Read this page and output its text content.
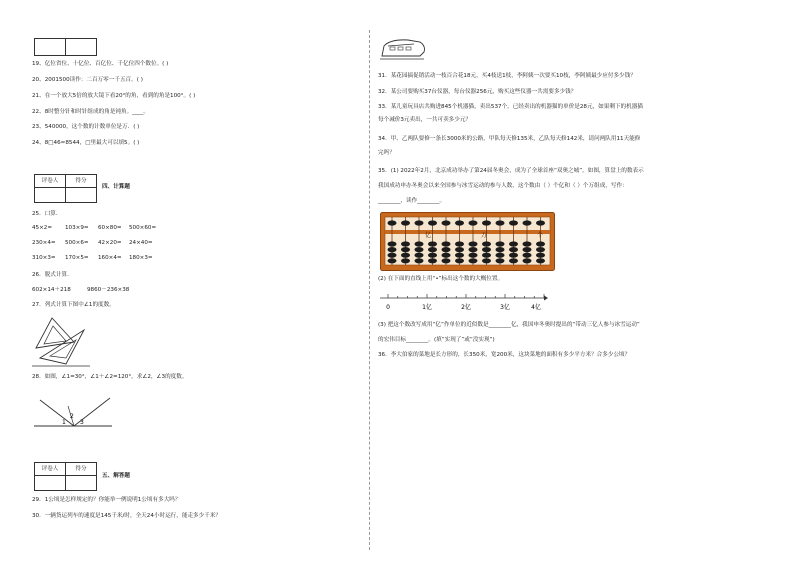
19、亿位省位、十亿位、百亿位、千亿位四个数位。( )
20、2001500读作：二百万零一千五百。( )
21、在一个放大5倍的放大镜下看20°的角，看到的角是100°。( )
22、8时整分针和时针组成的角是钝角。____。
23、540000，这个数的计数单位是万．( )
24、8□46≈8544，□里最大可以填5。( )
评卷人	得分

四、计算题
25．口算．
45×2= 103×9= 60×80= 500×60=
230×4= 500×6= 42×20= 24×40=
310×3= 170×5= 160×4= 180×3=
26．脱式计算．
602×14＋218	9860－236×38
27．列式计算下图中∠1的度数。
28．如图，∠1=30°，∠1＋∠2=120°，求∠2，∠3的度数。
1
2
3
评卷人	得分

五、解答题
29．1公顷是怎样规定的？你能举一例说明1公顷有多大吗？
30．一辆货运列车的速度是145千米/时，全天24小时运行，能走多少千米？
31．某花园搞促销活动一枝百合花18元，买4枝送1枝，李阿姨一次要买10枝，李阿姨最少应付多少钱？
32．某公司要购买37台仪器，每台仪器256元，购买这些仪器一共需要多少钱？
33．某儿童玩具店共购进845个机器猫，卖出537个，已经卖出的机器猫的单价是28元，如果剩下的机器猫
每个减价3元卖出，一共可卖多少元？
34．甲、乙两队要修一条长3000米的公路，甲队每天修135米，乙队每天修142米，请问两队用11天能修
完吗？
35．(1) 2022年2月，北京成功举办了第24届冬奥会，成为了全球首座“双奥之城”。如图，算盘上的数表示
我国成功申办冬奥会以来全国参与冰雪运动的参与人数，这个数由（ ）个亿和（ ）个万组成，写作：
________，读作________。
亿	万	个
(2) 在下面的直线上用“•”标出这个数的大概位置。
0	1亿	2亿	3亿	4亿
(3) 把这个数改写成用“亿”作单位的近似数是________亿，我国申冬奥时提出的“带动三亿人参与冰雪运动”
的宏伟目标________。(填“实现了”或“没实现”)
36．李大伯家的菜地是长方形的，长350米，宽200米，这块菜地的面积有多少平方米？合多少公顷？
